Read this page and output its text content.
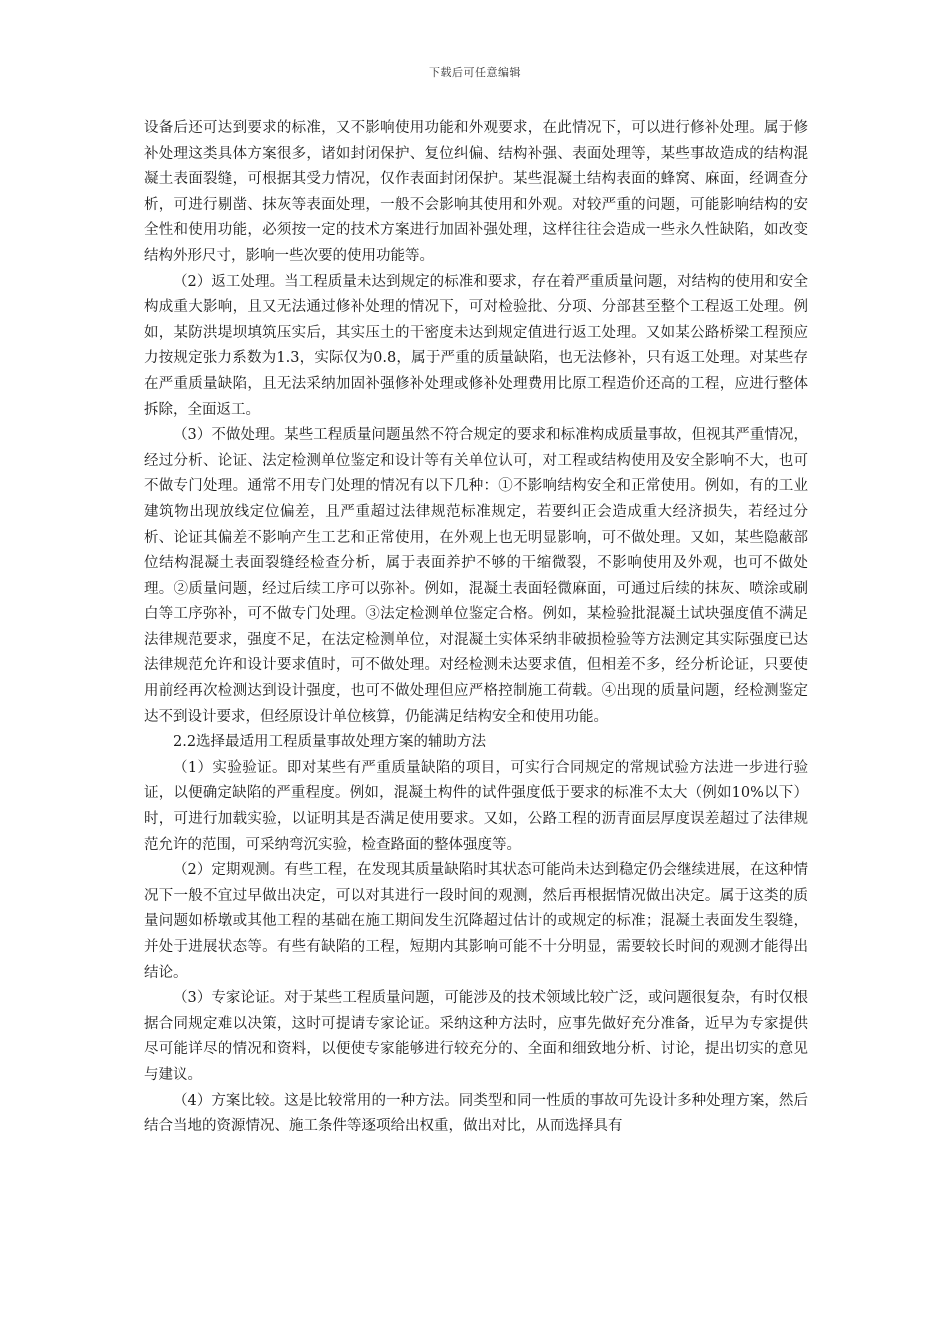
下载后可任意编辑

设备后还可达到要求的标准，又不影响使用功能和外观要求，在此情况下，可以进行修补处理。属于修补处理这类具体方案很多，诸如封闭保护、复位纠偏、结构补强、表面处理等，某些事故造成的结构混凝土表面裂缝，可根据其受力情况，仅作表面封闭保护。某些混凝土结构表面的蜂窝、麻面，经调查分析，可进行剔凿、抹灰等表面处理，一般不会影响其使用和外观。对较严重的问题，可能影响结构的安全性和使用功能，必须按一定的技术方案进行加固补强处理，这样往往会造成一些永久性缺陷，如改变结构外形尺寸，影响一些次要的使用功能等。

（2）返工处理。当工程质量未达到规定的标准和要求，存在着严重质量问题，对结构的使用和安全构成重大影响，且又无法通过修补处理的情况下，可对检验批、分项、分部甚至整个工程返工处理。例如，某防洪堤坝填筑压实后，其实压土的干密度未达到规定值进行返工处理。又如某公路桥梁工程预应力按规定张力系数为1.3，实际仅为0.8，属于严重的质量缺陷，也无法修补，只有返工处理。对某些存在严重质量缺陷，且无法采纳加固补强修补处理或修补处理费用比原工程造价还高的工程，应进行整体拆除，全面返工。

（3）不做处理。某些工程质量问题虽然不符合规定的要求和标准构成质量事故，但视其严重情况，经过分析、论证、法定检测单位鉴定和设计等有关单位认可，对工程或结构使用及安全影响不大，也可不做专门处理。通常不用专门处理的情况有以下几种：①不影响结构安全和正常使用。例如，有的工业建筑物出现放线定位偏差，且严重超过法律规范标准规定，若要纠正会造成重大经济损失，若经过分析、论证其偏差不影响产生工艺和正常使用，在外观上也无明显影响，可不做处理。又如，某些隐蔽部位结构混凝土表面裂缝经检查分析，属于表面养护不够的干缩微裂，不影响使用及外观，也可不做处理。②质量问题，经过后续工序可以弥补。例如，混凝土表面轻微麻面，可通过后续的抹灰、喷涂或刷白等工序弥补，可不做专门处理。③法定检测单位鉴定合格。例如，某检验批混凝土试块强度值不满足法律规范要求，强度不足，在法定检测单位，对混凝土实体采纳非破损检验等方法测定其实际强度已达法律规范允许和设计要求值时，可不做处理。对经检测未达要求值，但相差不多，经分析论证，只要使用前经再次检测达到设计强度，也可不做处理但应严格控制施工荷载。④出现的质量问题，经检测鉴定达不到设计要求，但经原设计单位核算，仍能满足结构安全和使用功能。

2.2选择最适用工程质量事故处理方案的辅助方法

（1）实验验证。即对某些有严重质量缺陷的项目，可实行合同规定的常规试验方法进一步进行验证，以便确定缺陷的严重程度。例如，混凝土构件的试件强度低于要求的标准不太大（例如10%以下）时，可进行加载实验，以证明其是否满足使用要求。又如，公路工程的沥青面层厚度误差超过了法律规范允许的范围，可采纳弯沉实验，检查路面的整体强度等。

（2）定期观测。有些工程，在发现其质量缺陷时其状态可能尚未达到稳定仍会继续进展，在这种情况下一般不宜过早做出决定，可以对其进行一段时间的观测，然后再根据情况做出决定。属于这类的质量问题如桥墩或其他工程的基础在施工期间发生沉降超过估计的或规定的标准；混凝土表面发生裂缝，并处于进展状态等。有些有缺陷的工程，短期内其影响可能不十分明显，需要较长时间的观测才能得出结论。

（3）专家论证。对于某些工程质量问题，可能涉及的技术领域比较广泛，或问题很复杂，有时仅根据合同规定难以决策，这时可提请专家论证。采纳这种方法时，应事先做好充分准备，近早为专家提供尽可能详尽的情况和资料，以便使专家能够进行较充分的、全面和细致地分析、讨论，提出切实的意见与建议。

（4）方案比较。这是比较常用的一种方法。同类型和同一性质的事故可先设计多种处理方案，然后结合当地的资源情况、施工条件等逐项给出权重，做出对比，从而选择具有
